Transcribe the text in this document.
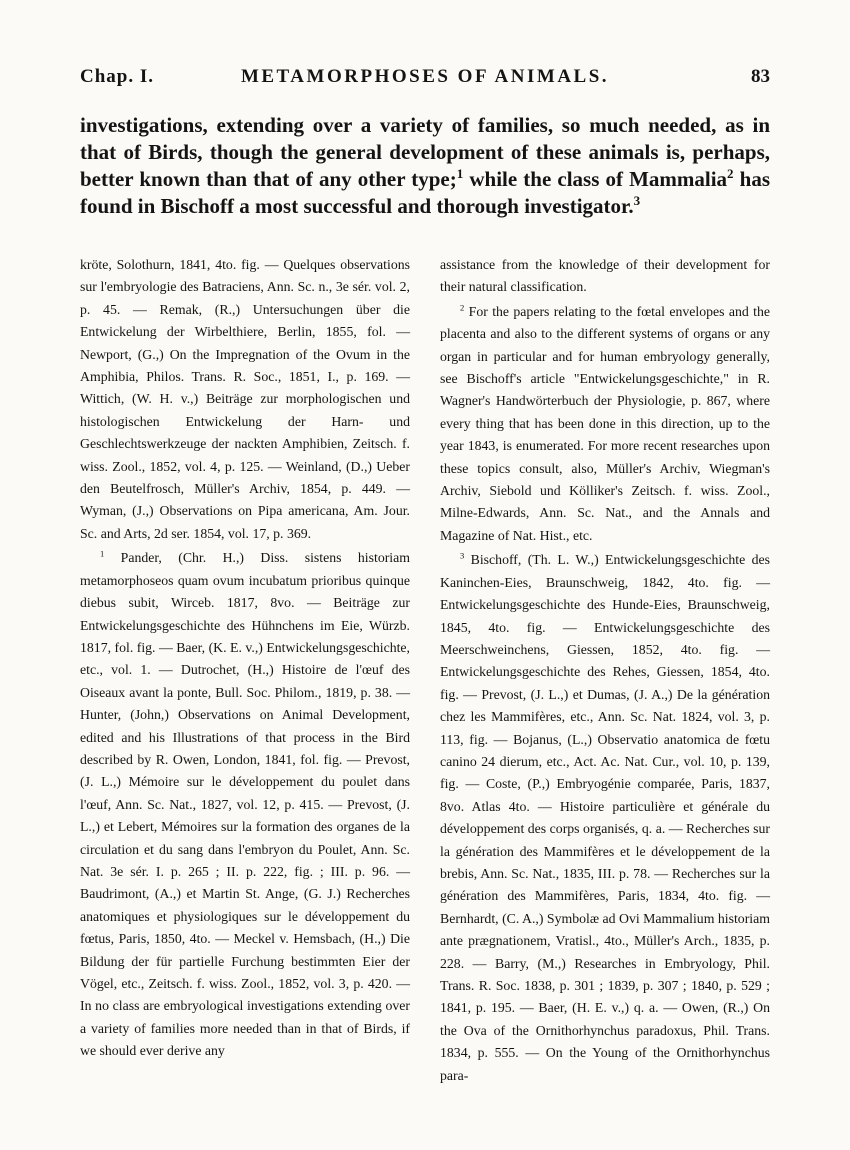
Chap. I.	METAMORPHOSES OF ANIMALS.	83
investigations, extending over a variety of families, so much needed, as in that of Birds, though the general development of these animals is, perhaps, better known than that of any other type;$^1$ while the class of Mammalia$^2$ has found in Bischoff a most successful and thorough investigator.$^3$

kröte, Solothurn, 1841, 4to. fig. — Quelques observations sur l'embryologie des Batraciens, Ann. Sc. n., 3e sér. vol. 2, p. 45. — Remak, (R.,) Untersuchungen über die Entwickelung der Wirbelthiere, Berlin, 1855, fol. — Newport, (G.,) On the Impregnation of the Ovum in the Amphibia, Philos. Trans. R. Soc., 1851, I., p. 169. — Wittich, (W. H. v.,) Beiträge zur morphologischen und histologischen Entwickelung der Harn- und Geschlechtswerkzeuge der nackten Amphibien, Zeitsch. f. wiss. Zool., 1852, vol. 4, p. 125. — Weinland, (D.,) Ueber den Beutelfrosch, Müller's Archiv, 1854, p. 449. — Wyman, (J.,) Observations on Pipa americana, Am. Jour. Sc. and Arts, 2d ser. 1854, vol. 17, p. 369.

$^1$ Pander, (Chr. H.,) Diss. sistens historiam metamorphoseos quam ovum incubatum prioribus quinque diebus subit, Wirceb. 1817, 8vo. — Beiträge zur Entwickelungsgeschichte des Hühnchens im Eie, Würzb. 1817, fol. fig. — Baer, (K. E. v.,) Entwickelungsgeschichte, etc., vol. 1. — Dutrochet, (H.,) Histoire de l'œuf des Oiseaux avant la ponte, Bull. Soc. Philom., 1819, p. 38. — Hunter, (John,) Observations on Animal Development, edited and his Illustrations of that process in the Bird described by R. Owen, London, 1841, fol. fig. — Prevost, (J. L.,) Mémoire sur le développement du poulet dans l'œuf, Ann. Sc. Nat., 1827, vol. 12, p. 415. — Prevost, (J. L.,) et Lebert, Mémoires sur la formation des organes de la circulation et du sang dans l'embryon du Poulet, Ann. Sc. Nat. 3e sér. I. p. 265 ; II. p. 222, fig. ; III. p. 96. — Baudrimont, (A.,) et Martin St. Ange, (G. J.) Recherches anatomiques et physiologiques sur le développement du fœtus, Paris, 1850, 4to. — Meckel v. Hemsbach, (H.,) Die Bildung der für partielle Furchung bestimmten Eier der Vögel, etc., Zeitsch. f. wiss. Zool., 1852, vol. 3, p. 420. — In no class are embryological investigations extending over a variety of families more needed than in that of Birds, if we should ever derive any

assistance from the knowledge of their development for their natural classification.

$^2$ For the papers relating to the fœtal envelopes and the placenta and also to the different systems of organs or any organ in particular and for human embryology generally, see Bischoff's article "Entwickelungsgeschichte," in R. Wagner's Handwörterbuch der Physiologie, p. 867, where every thing that has been done in this direction, up to the year 1843, is enumerated. For more recent researches upon these topics consult, also, Müller's Archiv, Wiegman's Archiv, Siebold und Kölliker's Zeitsch. f. wiss. Zool., Milne-Edwards, Ann. Sc. Nat., and the Annals and Magazine of Nat. Hist., etc.

$^3$ Bischoff, (Th. L. W.,) Entwickelungsgeschichte des Kaninchen-Eies, Braunschweig, 1842, 4to. fig. — Entwickelungsgeschichte des Hunde-Eies, Braunschweig, 1845, 4to. fig. — Entwickelungsgeschichte des Meerschweinchens, Giessen, 1852, 4to. fig. — Entwickelungsgeschichte des Rehes, Giessen, 1854, 4to. fig. — Prevost, (J. L.,) et Dumas, (J. A.,) De la génération chez les Mammifères, etc., Ann. Sc. Nat. 1824, vol. 3, p. 113, fig. — Bojanus, (L.,) Observatio anatomica de fœtu canino 24 dierum, etc., Act. Ac. Nat. Cur., vol. 10, p. 139, fig. — Coste, (P.,) Embryogénie comparée, Paris, 1837, 8vo. Atlas 4to. — Histoire particulière et générale du développement des corps organisés, q. a. — Recherches sur la génération des Mammifères et le développement de la brebis, Ann. Sc. Nat., 1835, III. p. 78. — Recherches sur la génération des Mammifères, Paris, 1834, 4to. fig. — Bernhardt, (C. A.,) Symbolæ ad Ovi Mammalium historiam ante prægnationem, Vratisl., 4to., Müller's Arch., 1835, p. 228. — Barry, (M.,) Researches in Embryology, Phil. Trans. R. Soc. 1838, p. 301 ; 1839, p. 307 ; 1840, p. 529 ; 1841, p. 195. — Baer, (H. E. v.,) q. a. — Owen, (R.,) On the Ova of the Ornithorhynchus paradoxus, Phil. Trans. 1834, p. 555. — On the Young of the Ornithorhynchus para-
